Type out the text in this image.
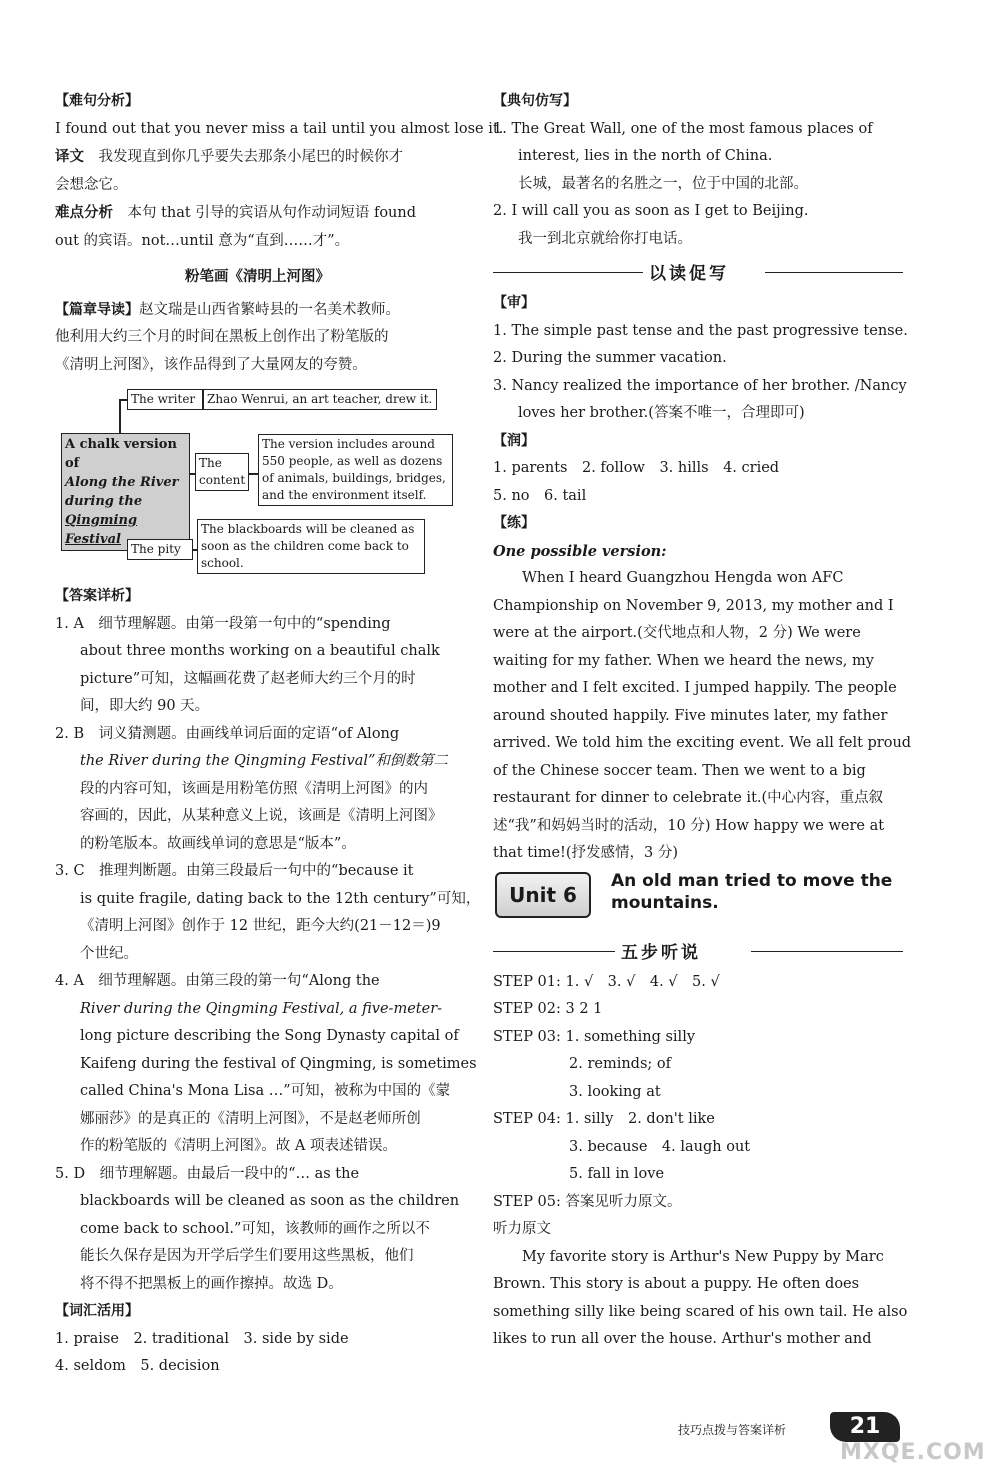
【难句分析】
I found out that you never miss a tail until you almost lose it.
译文　 我发现直到你几乎要失去那条小尾巴的时候你才
会想念它。
难点分析　 本句 that 引导的宾语从句作动词短语 found
out 的宾语。not…until 意为“直到……才”。
粉笔画《清明上河图》
【篇章导读】赵文瑞是山西省繁峙县的一名美术教师。
他利用大约三个月的时间在黑板上创作出了粉笔版的
《清明上河图》，该作品得到了大量网友的夸赞。
A chalk version of
Along the River
during the
Qingming Festival
The writer Zhao Wenrui, an art teacher, drew it.
The
content
The version includes around
550 people, as well as dozens
of animals, buildings, bridges,
and the environment itself.
The pity
The blackboards will be cleaned as
soon as the children come back to
school.
【答案详析】
1. A　细节理解题。由第一段第一句中的“spending
about three months working on a beautiful chalk
picture”可知，这幅画花费了赵老师大约三个月的时
间，即大约 90 天。
2. B　词义猜测题。由画线单词后面的定语“of Along
the River during the Qingming Festival”和倒数第二
段的内容可知，该画是用粉笔仿照《清明上河图》的内
容画的，因此，从某种意义上说，该画是《清明上河图》
的粉笔版本。故画线单词的意思是“版本”。
3. C　推理判断题。由第三段最后一句中的“because it
is quite fragile, dating back to the 12th century”可知，
《清明上河图》创作于 12 世纪，距今大约(21－12＝)9
个世纪。
4. A　细节理解题。由第三段的第一句“Along the
River during the Qingming Festival, a five-meter-
long picture describing the Song Dynasty capital of
Kaifeng during the festival of Qingming, is sometimes
called China's Mona Lisa …”可知，被称为中国的《蒙
娜丽莎》的是真正的《清明上河图》，不是赵老师所创
作的粉笔版的《清明上河图》。故 A 项表述错误。
5. D　细节理解题。由最后一段中的“… as the
blackboards will be cleaned as soon as the children
come back to school.”可知，该教师的画作之所以不
能长久保存是因为开学后学生们要用这些黑板，他们
将不得不把黑板上的画作擦掉。故选 D。
【词汇活用】
1. praise　2. traditional　3. side by side
4. seldom　5. decision
【典句仿写】
1. The Great Wall, one of the most famous places of
interest, lies in the north of China.
长城，最著名的名胜之一，位于中国的北部。
2. I will call you as soon as I get to Beijing.
我一到北京就给你打电话。
以读促写
【审】
1. The simple past tense and the past progressive tense.
2. During the summer vacation.
3. Nancy realized the importance of her brother. /Nancy
loves her brother.(答案不唯一，合理即可)
【润】
1. parents　2. follow　3. hills　4. cried
5. no　6. tail
【练】
One possible version:
When I heard Guangzhou Hengda won AFC
Championship on November 9, 2013, my mother and I
were at the airport.(交代地点和人物，2 分) We were
waiting for my father. When we heard the news, my
mother and I felt excited. I jumped happily. The people
around shouted happily. Five minutes later, my father
arrived. We told him the exciting event. We all felt proud
of the Chinese soccer team. Then we went to a big
restaurant for dinner to celebrate it.(中心内容，重点叙
述“我”和妈妈当时的活动，10 分) How happy we were at
that time!(抒发感情，3 分)
Unit 6
An old man tried to move the
mountains.
五步听说
STEP 01: 1. √　3. √　4. √　5. √
STEP 02: 3 2 1
STEP 03: 1. something silly
2. reminds; of
3. looking at
STEP 04: 1. silly　2. don't like
3. because　4. laugh out
5. fall in love
STEP 05: 答案见听力原文。
听力原文
My favorite story is Arthur's New Puppy by Marc
Brown. This story is about a puppy. He often does
something silly like being scared of his own tail. He also
likes to run all over the house. Arthur's mother and
技巧点拨与答案详析	21
MXQE.COM
